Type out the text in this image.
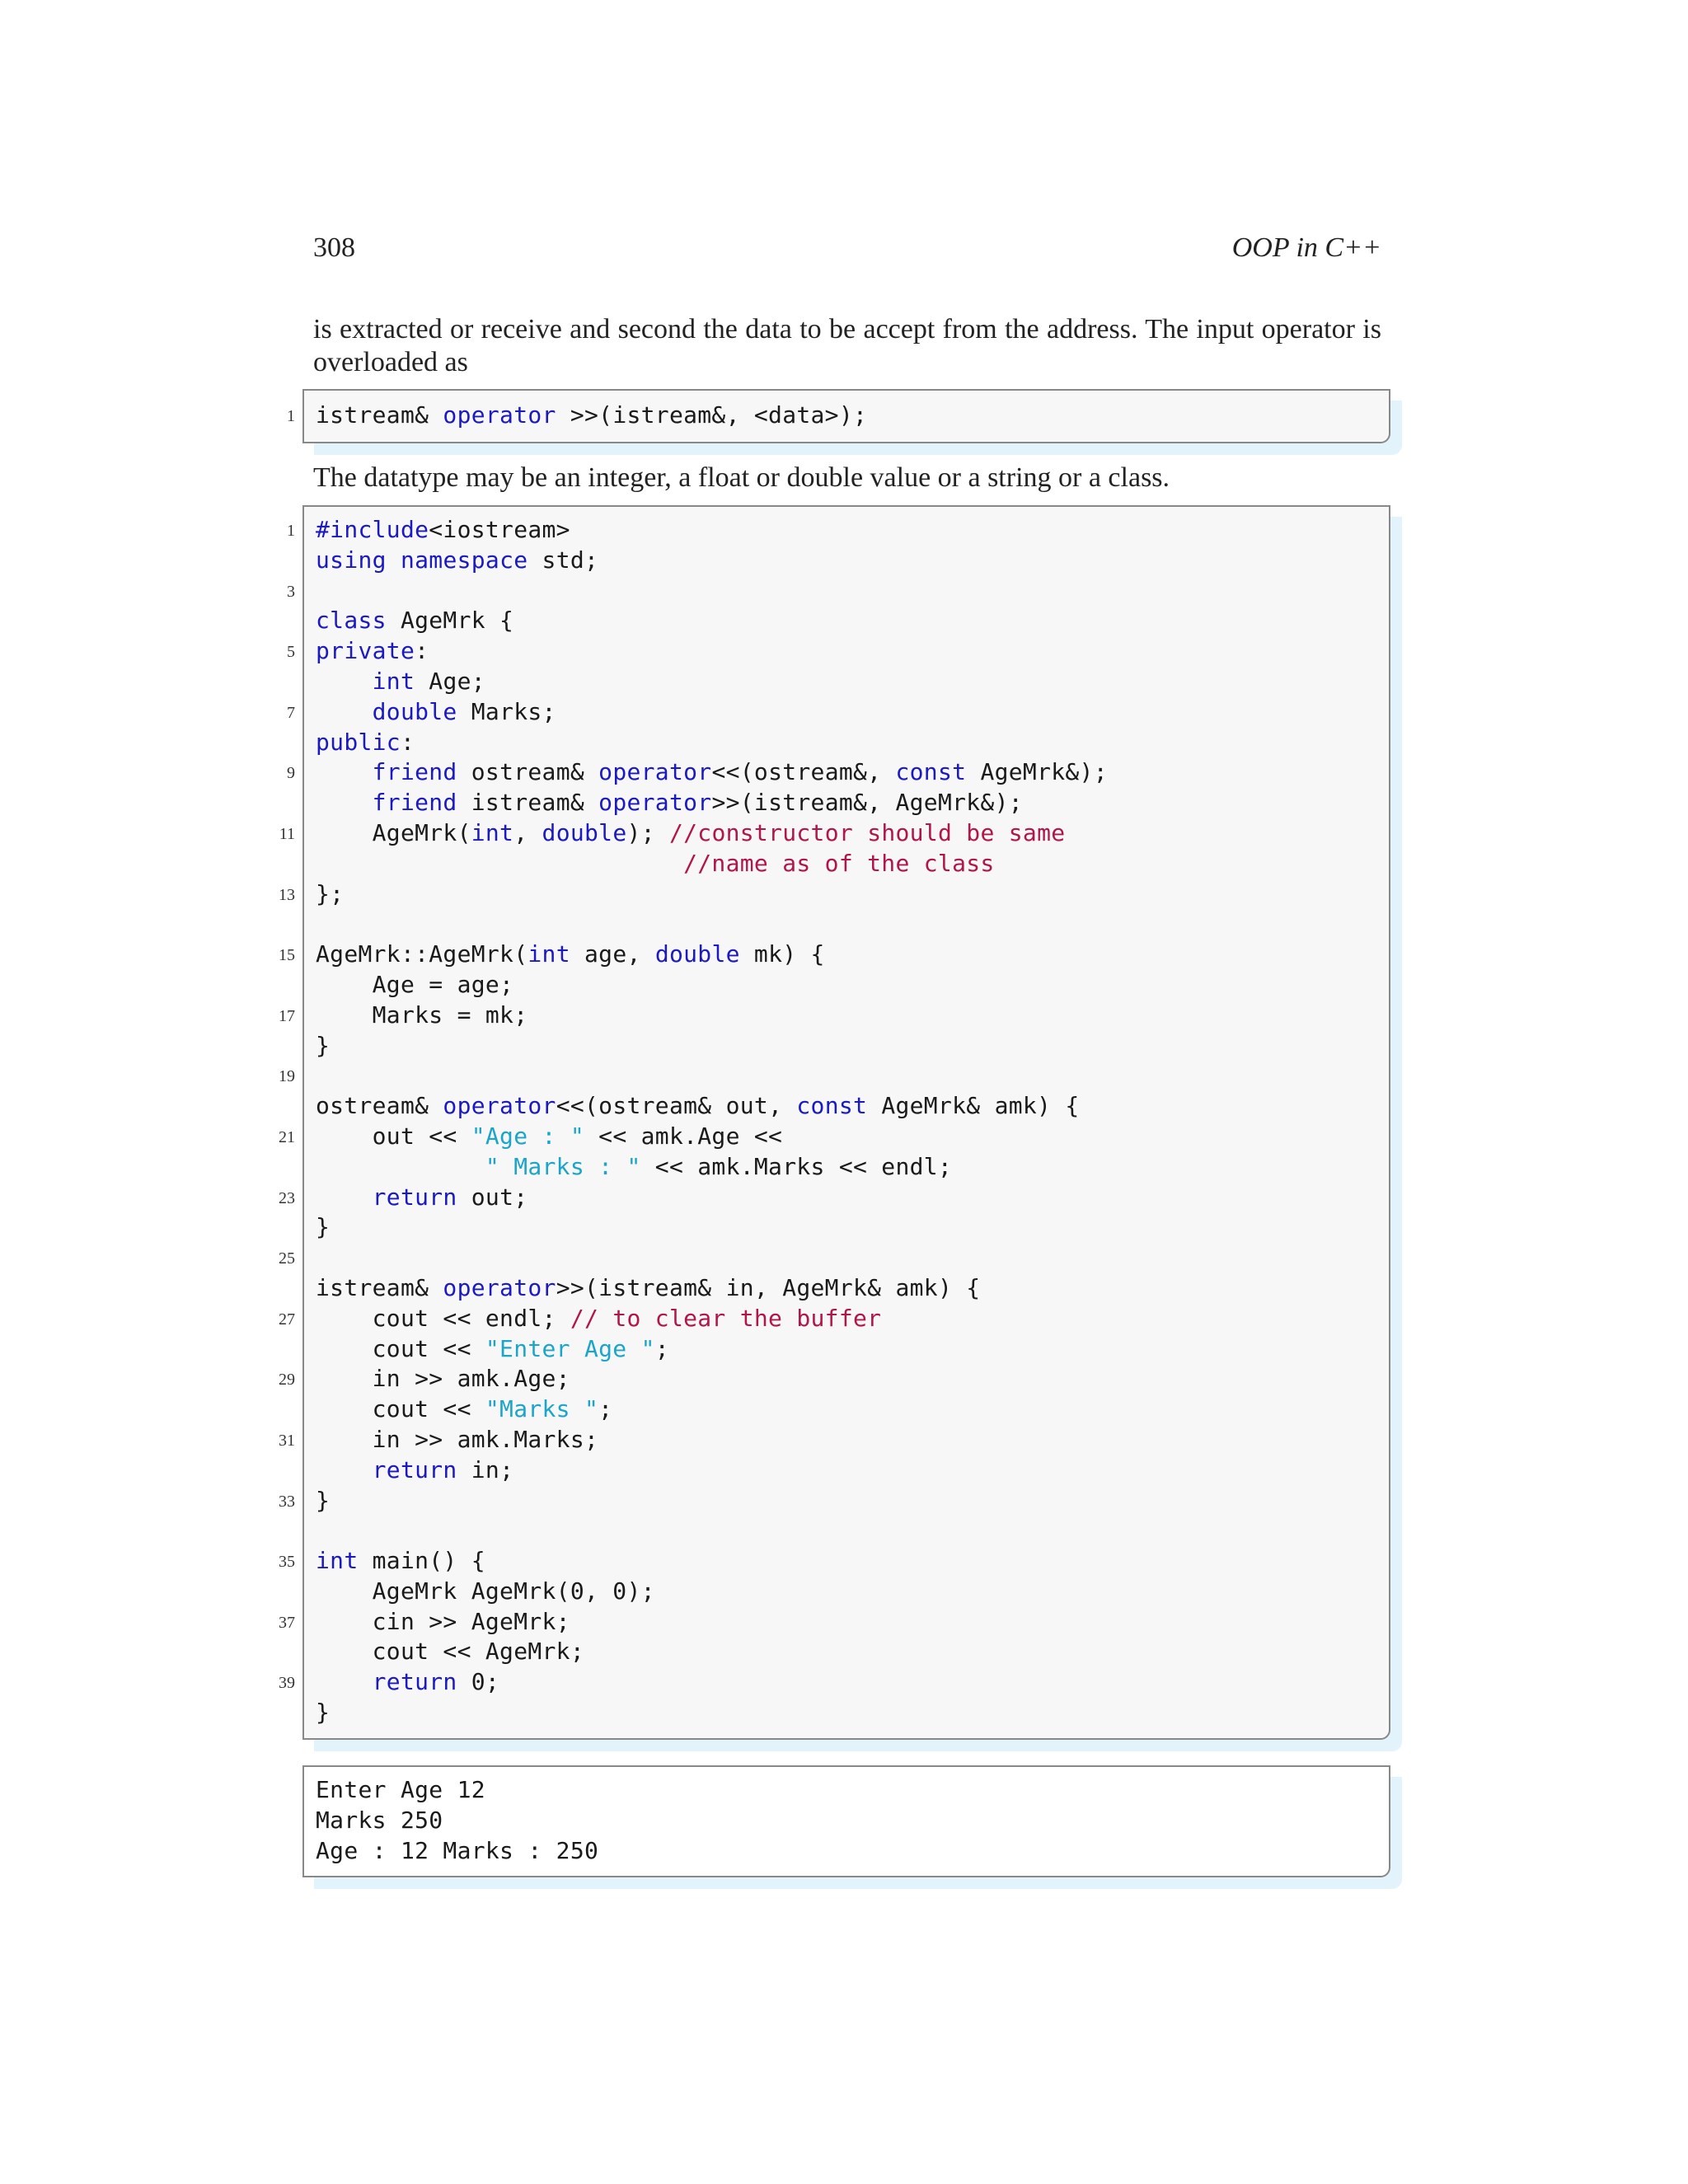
308	OOP in C++
is extracted or receive and second the data to be accept from the address. The input operator is overloaded as
istream& operator >>(istream&, <data>);
The datatype may be an integer, a float or double value or a string or a class.
#include<iostream>
using namespace std;

class AgeMrk {
private:
int Age;
double Marks;
public:
friend ostream& operator<<(ostream&, const AgeMrk&);
friend istream& operator>>(istream&, AgeMrk&);
AgeMrk(int, double); //constructor should be same
//name as of the class
};

AgeMrk::AgeMrk(int age, double mk) {
Age = age;
Marks = mk;
}

ostream& operator<<(ostream& out, const AgeMrk& amk) {
out << "Age : " << amk.Age <<
" Marks : " << amk.Marks << endl;
return out;
}

istream& operator>>(istream& in, AgeMrk& amk) {
cout << endl; // to clear the buffer
cout << "Enter Age ";
in >> amk.Age;
cout << "Marks ";
in >> amk.Marks;
return in;
}

int main() {
AgeMrk AgeMrk(0, 0);
cin >> AgeMrk;
cout << AgeMrk;
return 0;
}
Enter Age 12
Marks 250
Age : 12 Marks : 250
1
1
3
5
7
9
11
13
15
17
19
21
23
25
27
29
31
33
35
37
39
